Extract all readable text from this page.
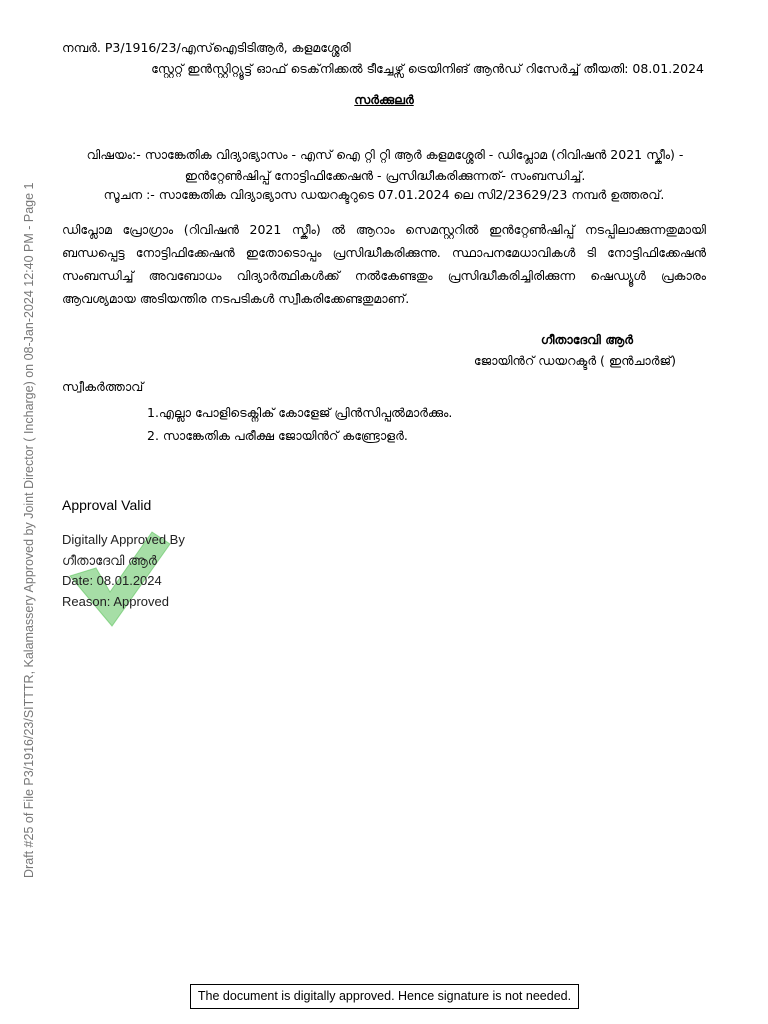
നമ്പർ. P3/1916/23/എസ്ഐടിടിആർ, കളമശ്ശേരി
സ്റ്റേറ്റ് ഇൻസ്റ്റിറ്റ്യൂട്ട് ഓഫ് ടെക്‌നിക്കൽ ടീച്ചേഴ്സ് ട്രെയിനിങ് ആൻഡ് റിസേർച്ച് തീയതി: 08.01.2024
സർക്കുലർ
വിഷയം:- സാങ്കേതിക വിദ്യാഭ്യാസം - എസ് ഐ റ്റി റ്റി ആർ കളമശ്ശേരി - ഡിപ്ലോമ (റിവിഷൻ 2021 സ്കീം) - ഇൻറ്റേൺഷിപ്പ് നോട്ടിഫിക്കേഷൻ - പ്രസിദ്ധീകരിക്കുന്നത്- സംബന്ധിച്ച്.
സൂചന :- സാങ്കേതിക വിദ്യാഭ്യാസ ഡയറക്ടറുടെ 07.01.2024 ലെ സി2/23629/23 നമ്പർ ഉത്തരവ്.
ഡിപ്ലോമ പ്രോഗ്രാം (റിവിഷൻ 2021 സ്കീം) ൽ ആറാം സെമസ്റ്ററിൽ ഇൻറ്റേൺഷിപ്പ് നടപ്പിലാക്കുന്നതുമായി ബന്ധപ്പെട്ട നോട്ടിഫിക്കേഷൻ ഇതോടൊപ്പം പ്രസിദ്ധീകരിക്കുന്നു. സ്ഥാപനമേധാവികൾ ടി നോട്ടിഫിക്കേഷൻ സംബന്ധിച്ച് അവബോധം വിദ്യാർത്ഥികൾക്ക് നൽകേണ്ടതും പ്രസിദ്ധീകരിച്ചിരിക്കുന്ന ഷെഡ്യൂൾ പ്രകാരം ആവശ്യമായ അടിയന്തിര നടപടികൾ സ്വീകരിക്കേണ്ടതുമാണ്.
ഗീതാദേവി ആർ
ജോയിൻറ് ഡയറക്ടർ ( ഇൻചാർജ്)
സ്വീകർത്താവ്
1.എല്ലാ പോളിടെക്നിക് കോളേജ് പ്രിൻസിപ്പൽമാർക്കും.
2. സാങ്കേതിക പരീക്ഷ ജോയിൻറ് കണ്ട്രോളർ.
Approval Valid
Digitally Approved By
ഗീതാദേവി ആർ
Date: 08.01.2024
Reason: Approved
Draft #25 of File P3/1916/23/SITTTR, Kalamassery Approved by Joint Director ( Incharge) on 08-Jan-2024 12:40 PM - Page 1
The document is digitally approved. Hence signature is not needed.
